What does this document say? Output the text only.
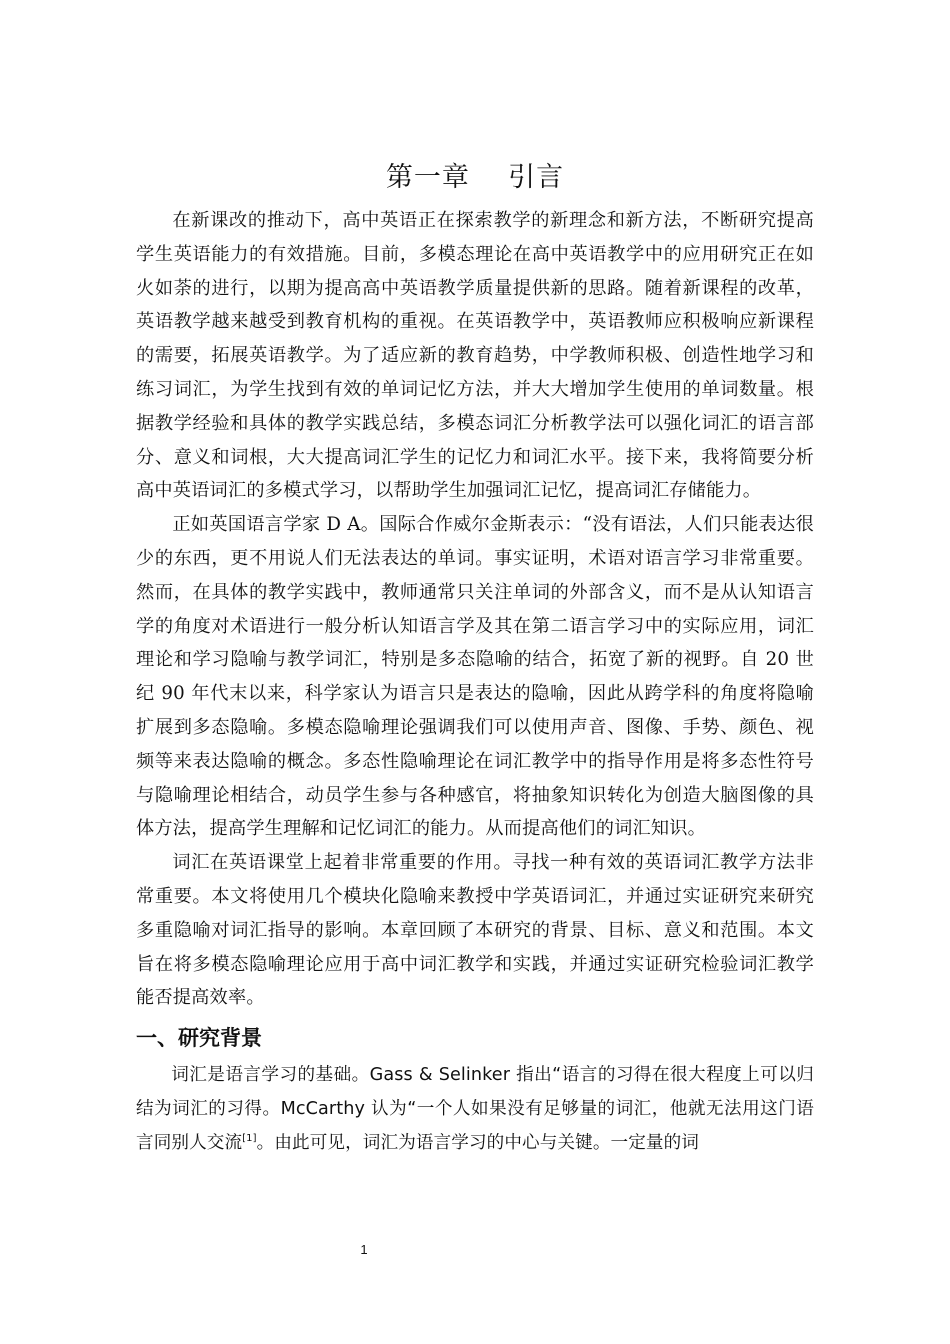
第一章    引言

在新课改的推动下，高中英语正在探索教学的新理念和新方法，不断研究提高学生英语能力的有效措施。目前，多模态理论在高中英语教学中的应用研究正在如火如荼的进行，以期为提高高中英语教学质量提供新的思路。随着新课程的改革，英语教学越来越受到教育机构的重视。在英语教学中，英语教师应积极响应新课程的需要，拓展英语教学。为了适应新的教育趋势，中学教师积极、创造性地学习和练习词汇，为学生找到有效的单词记忆方法，并大大增加学生使用的单词数量。根据教学经验和具体的教学实践总结，多模态词汇分析教学法可以强化词汇的语言部分、意义和词根，大大提高词汇学生的记忆力和词汇水平。接下来，我将简要分析高中英语词汇的多模式学习，以帮助学生加强词汇记忆，提高词汇存储能力。

正如英国语言学家 D A。国际合作威尔金斯表示：“没有语法，人们只能表达很少的东西，更不用说人们无法表达的单词。事实证明，术语对语言学习非常重要。然而，在具体的教学实践中，教师通常只关注单词的外部含义，而不是从认知语言学的角度对术语进行一般分析认知语言学及其在第二语言学习中的实际应用，词汇理论和学习隐喻与教学词汇，特别是多态隐喻的结合，拓宽了新的视野。自 20 世纪 90 年代末以来，科学家认为语言只是表达的隐喻，因此从跨学科的角度将隐喻扩展到多态隐喻。多模态隐喻理论强调我们可以使用声音、图像、手势、颜色、视频等来表达隐喻的概念。多态性隐喻理论在词汇教学中的指导作用是将多态性符号与隐喻理论相结合，动员学生参与各种感官，将抽象知识转化为创造大脑图像的具体方法，提高学生理解和记忆词汇的能力。从而提高他们的词汇知识。

词汇在英语课堂上起着非常重要的作用。寻找一种有效的英语词汇教学方法非常重要。本文将使用几个模块化隐喻来教授中学英语词汇，并通过实证研究来研究多重隐喻对词汇指导的影响。本章回顾了本研究的背景、目标、意义和范围。本文旨在将多模态隐喻理论应用于高中词汇教学和实践，并通过实证研究检验词汇教学能否提高效率。

一、研究背景

词汇是语言学习的基础。Gass & Selinker 指出“语言的习得在很大程度上可以归结为词汇的习得。McCarthy 认为“一个人如果没有足够量的词汇，他就无法用这门语言同别人交流[1]。由此可见，词汇为语言学习的中心与关键。一定量的词

1
